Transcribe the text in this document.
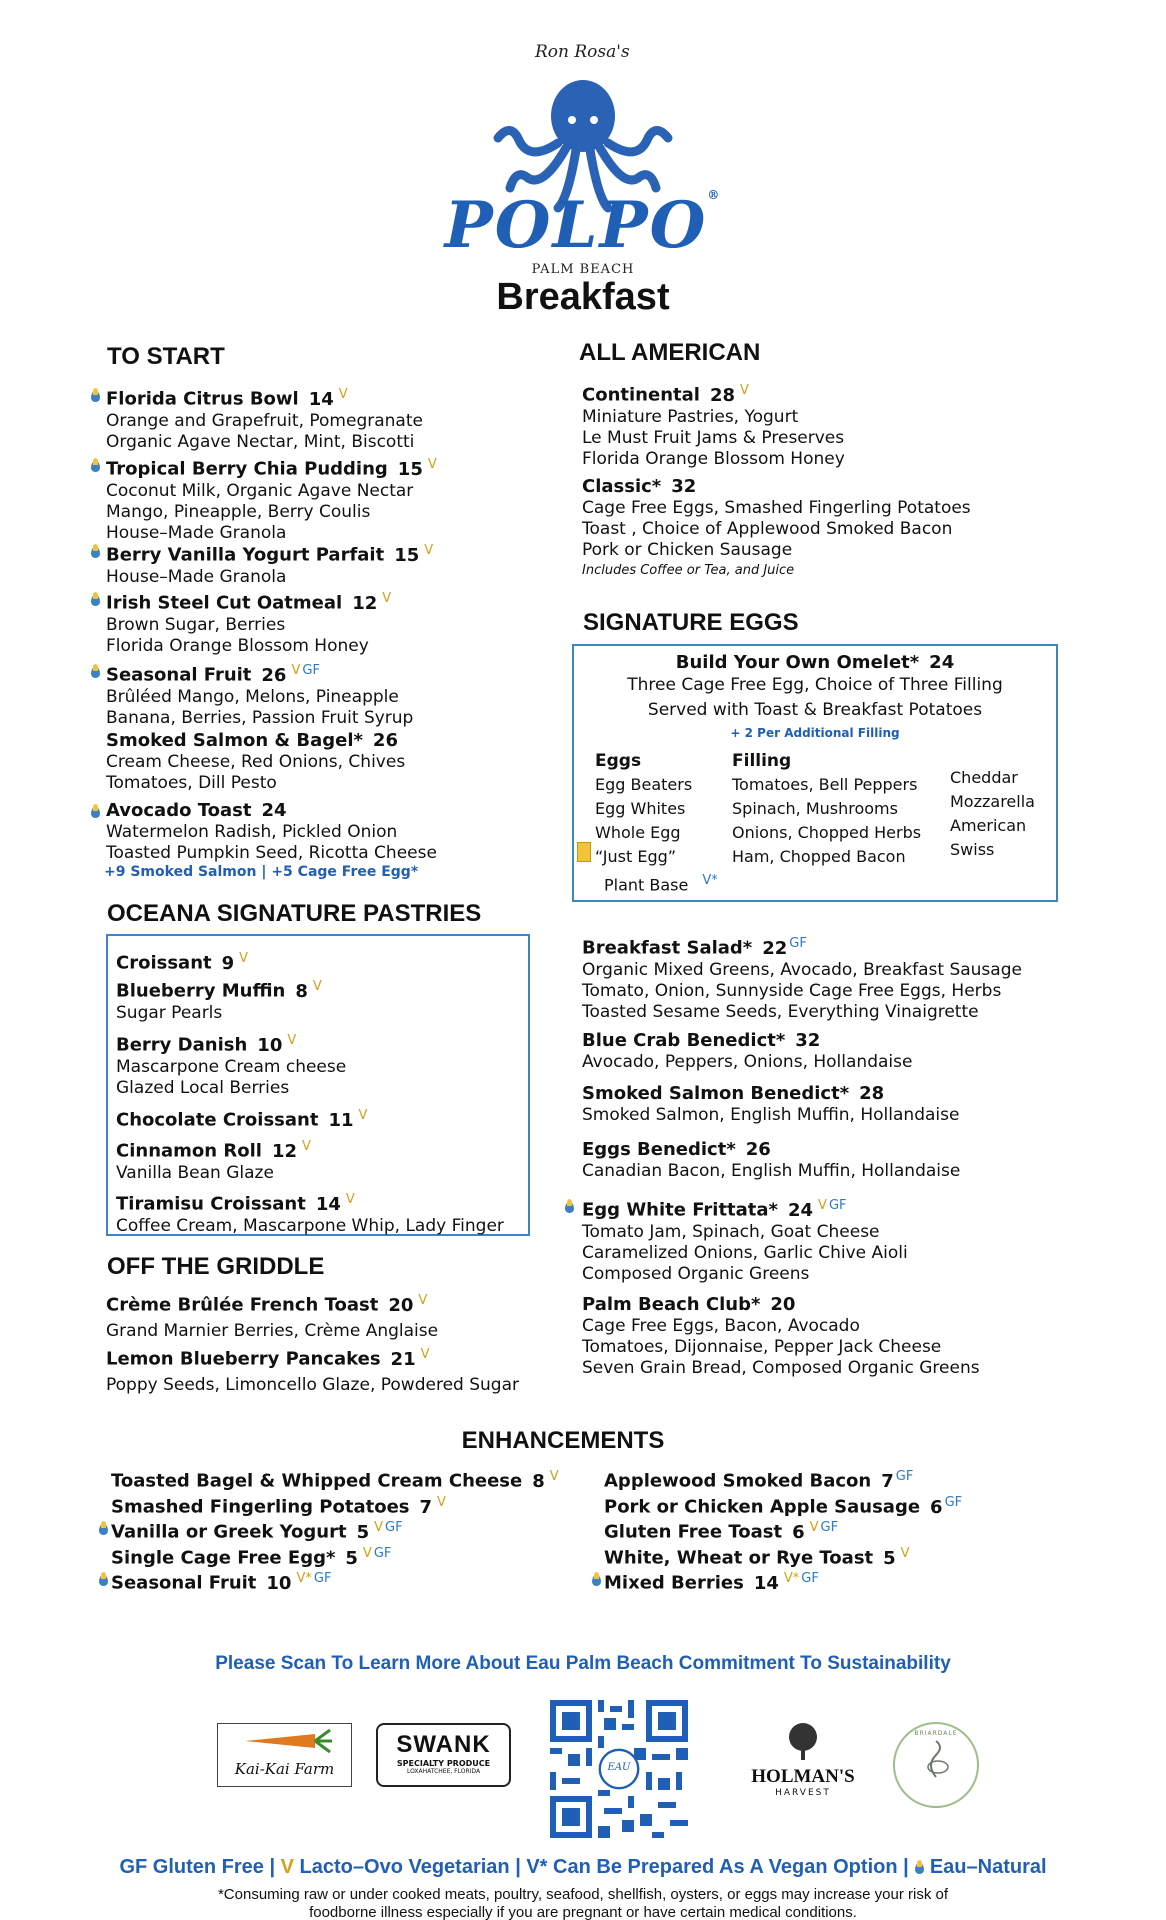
Ron Rosa's
POLPO®
PALM BEACH
Breakfast
TO START
+9 Smoked Salmon | +5 Cage Free Egg*
OCEANA SIGNATURE PASTRIES
OFF THE GRIDDLE
ALL AMERICAN
Includes Coffee or Tea, and Juice
SIGNATURE EGGS
Build Your Own Omelet* 24
Three Cage Free Egg, Choice of Three Filling
Served with Toast & Breakfast Potatoes
+ 2 Per Additional Filling
Eggs
Egg Beaters
Egg Whites
Whole Egg
“Just Egg”
Plant Base $^{V*}$
Filling
Tomatoes, Bell Peppers
Spinach, Mushrooms
Onions, Chopped Herbs
Ham, Chopped Bacon
Cheddar
Mozzarella
American
Swiss
ENHANCEMENTS
Please Scan To Learn More About Eau Palm Beach Commitment To Sustainability
Kai-Kai Farm
SWANK
SPECIALTY PRODUCE
LOXAHATCHEE, FLORIDA	EAU	HOLMAN'S
HARVEST
BRIARDALE
GF Gluten Free | V Lacto–Ovo Vegetarian | V* Can Be Prepared As A Vegan Option |  Eau–Natural
*Consuming raw or under cooked meats, poultry, seafood, shellfish, oysters, or eggs may increase your risk of
foodborne illness especially if you are pregnant or have certain medical conditions.
Florida Citrus Bowl 14 $^V$
Orange and Grapefruit, Pomegranate
Organic Agave Nectar, Mint, Biscotti
Tropical Berry Chia Pudding 15 $^V$
Coconut Milk, Organic Agave Nectar
Mango, Pineapple, Berry Coulis
House–Made Granola
Berry Vanilla Yogurt Parfait 15 $^V$
House–Made Granola
Irish Steel Cut Oatmeal 12 $^V$
Brown Sugar, Berries
Florida Orange Blossom Honey
Seasonal Fruit 26 $^V$ $^{GF}$
Brûléed Mango, Melons, Pineapple
Banana, Berries, Passion Fruit Syrup
Smoked Salmon & Bagel* 26
Cream Cheese, Red Onions, Chives
Tomatoes, Dill Pesto
Avocado Toast 24
Watermelon Radish, Pickled Onion
Toasted Pumpkin Seed, Ricotta Cheese
Croissant 9 $^V$
Blueberry Muffin 8 $^V$
Sugar Pearls
Berry Danish 10 $^V$
Mascarpone Cream cheese
Glazed Local Berries
Chocolate Croissant 11 $^V$
Cinnamon Roll 12 $^V$
Vanilla Bean Glaze
Tiramisu Croissant 14 $^V$
Coffee Cream, Mascarpone Whip, Lady Finger
Crème Brûlée French Toast 20 $^V$
Grand Marnier Berries, Crème Anglaise
Lemon Blueberry Pancakes 21 $^V$
Poppy Seeds, Limoncello Glaze, Powdered Sugar
Continental 28 $^V$
Miniature Pastries, Yogurt
Le Must Fruit Jams & Preserves
Florida Orange Blossom Honey
Classic* 32
Cage Free Eggs, Smashed Fingerling Potatoes
Toast , Choice of Applewood Smoked Bacon
Pork or Chicken Sausage
Breakfast Salad* 22 $^{GF}$
Organic Mixed Greens, Avocado, Breakfast Sausage
Tomato, Onion, Sunnyside Cage Free Eggs, Herbs
Toasted Sesame Seeds, Everything Vinaigrette
Blue Crab Benedict* 32
Avocado, Peppers, Onions, Hollandaise
Smoked Salmon Benedict* 28
Smoked Salmon, English Muffin, Hollandaise
Eggs Benedict* 26
Canadian Bacon, English Muffin, Hollandaise
Egg White Frittata* 24 $^V$ $^{GF}$
Tomato Jam, Spinach, Goat Cheese
Caramelized Onions, Garlic Chive Aioli
Composed Organic Greens
Palm Beach Club* 20
Cage Free Eggs, Bacon, Avocado
Tomatoes, Dijonnaise, Pepper Jack Cheese
Seven Grain Bread, Composed Organic Greens
Toasted Bagel & Whipped Cream Cheese 8 $^V$
Smashed Fingerling Potatoes 7 $^V$
Vanilla or Greek Yogurt 5 $^V$ $^{GF}$
Single Cage Free Egg* 5 $^V$ $^{GF}$
Seasonal Fruit 10 $^{V*}$ $^{GF}$
Applewood Smoked Bacon 7 $^{GF}$
Pork or Chicken Apple Sausage 6 $^{GF}$
Gluten Free Toast 6 $^V$ $^{GF}$
White, Wheat or Rye Toast 5 $^V$
Mixed Berries 14 $^{V*}$ $^{GF}$
